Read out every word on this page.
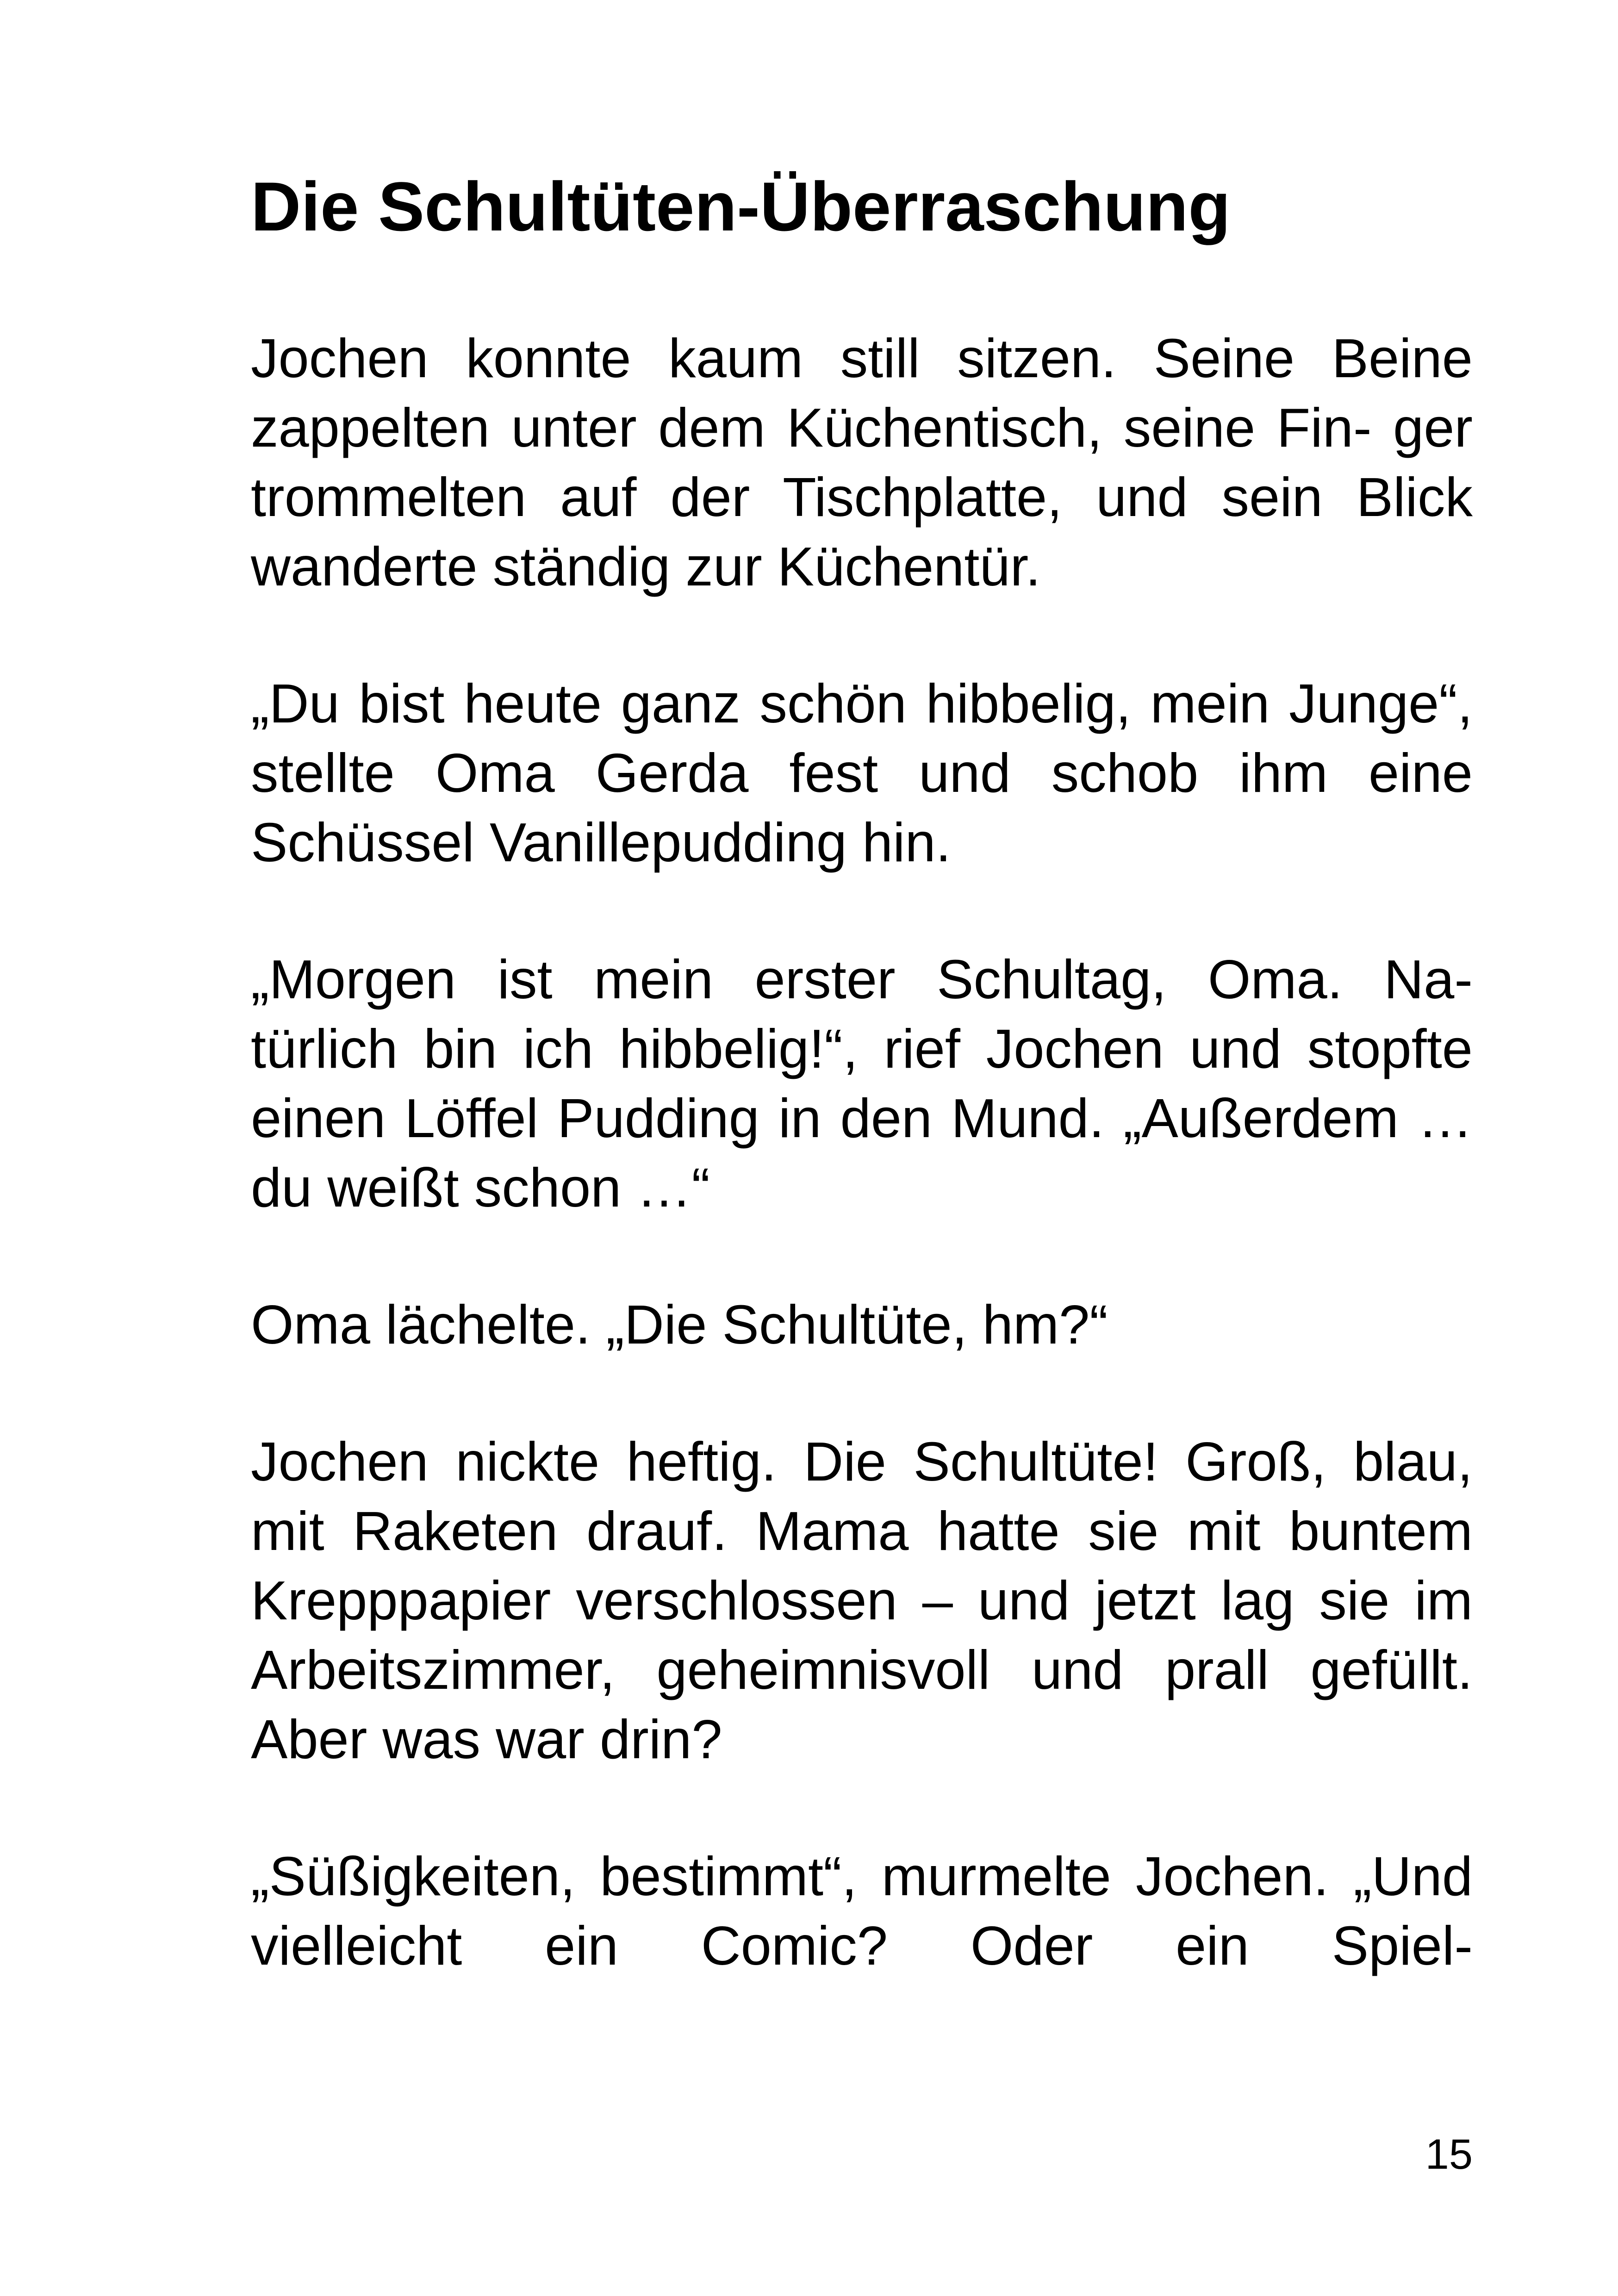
Die Schultüten-Überraschung

Jochen konnte kaum still sitzen. Seine Beine zappelten unter dem Küchentisch, seine Fin- ger trommelten auf der Tischplatte, und sein Blick wanderte ständig zur Küchentür.

„Du bist heute ganz schön hibbelig, mein Junge“, stellte Oma Gerda fest und schob ihm eine Schüssel Vanillepudding hin.

„Morgen ist mein erster Schultag, Oma. Na- türlich bin ich hibbelig!“, rief Jochen und stopfte einen Löffel Pudding in den Mund. „Außerdem … du weißt schon …“

Oma lächelte. „Die Schultüte, hm?“

Jochen nickte heftig. Die Schultüte! Groß, blau, mit Raketen drauf. Mama hatte sie mit buntem Krepppapier verschlossen – und jetzt lag sie im Arbeitszimmer, geheimnisvoll und prall gefüllt. Aber was war drin?

„Süßigkeiten, bestimmt“, murmelte Jochen. „Und vielleicht ein Comic? Oder ein Spiel-

15
